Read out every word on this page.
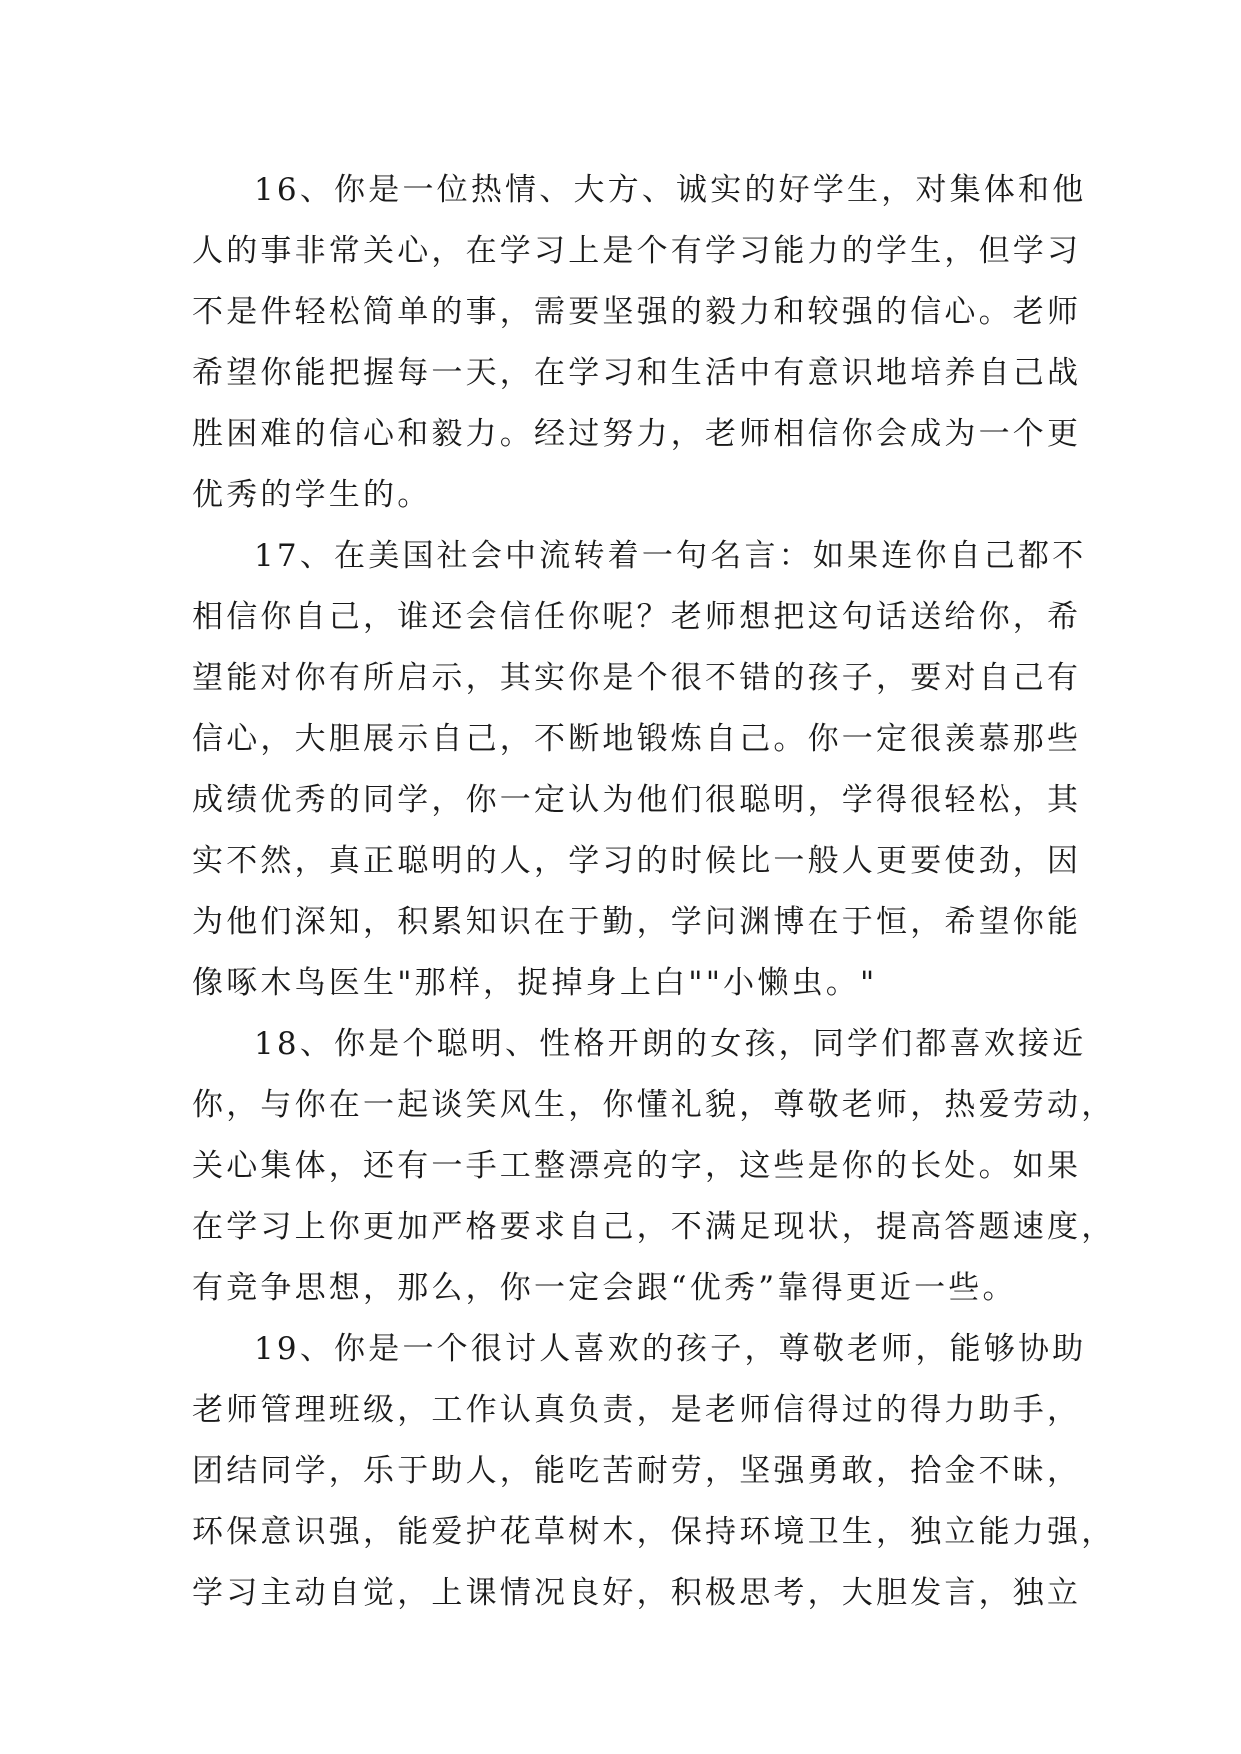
16、你是一位热情、大方、诚实的好学生，对集体和他
人的事非常关心，在学习上是个有学习能力的学生，但学习
不是件轻松简单的事，需要坚强的毅力和较强的信心。老师
希望你能把握每一天，在学习和生活中有意识地培养自己战
胜困难的信心和毅力。经过努力，老师相信你会成为一个更
优秀的学生的。
17、在美国社会中流转着一句名言：如果连你自己都不
相信你自己，谁还会信任你呢？老师想把这句话送给你，希
望能对你有所启示，其实你是个很不错的孩子，要对自己有
信心，大胆展示自己，不断地锻炼自己。你一定很羡慕那些
成绩优秀的同学，你一定认为他们很聪明，学得很轻松，其
实不然，真正聪明的人，学习的时候比一般人更要使劲，因
为他们深知，积累知识在于勤，学问渊博在于恒，希望你能
像啄木鸟医生"那样，捉掉身上白""小懒虫。"
18、你是个聪明、性格开朗的女孩，同学们都喜欢接近
你，与你在一起谈笑风生，你懂礼貌，尊敬老师，热爱劳动，
关心集体，还有一手工整漂亮的字，这些是你的长处。如果
在学习上你更加严格要求自己，不满足现状，提高答题速度，
有竞争思想，那么，你一定会跟“优秀”靠得更近一些。
19、你是一个很讨人喜欢的孩子，尊敬老师，能够协助
老师管理班级，工作认真负责，是老师信得过的得力助手，
团结同学，乐于助人，能吃苦耐劳，坚强勇敢，拾金不昧，
环保意识强，能爱护花草树木，保持环境卫生，独立能力强，
学习主动自觉，上课情况良好，积极思考，大胆发言，独立
